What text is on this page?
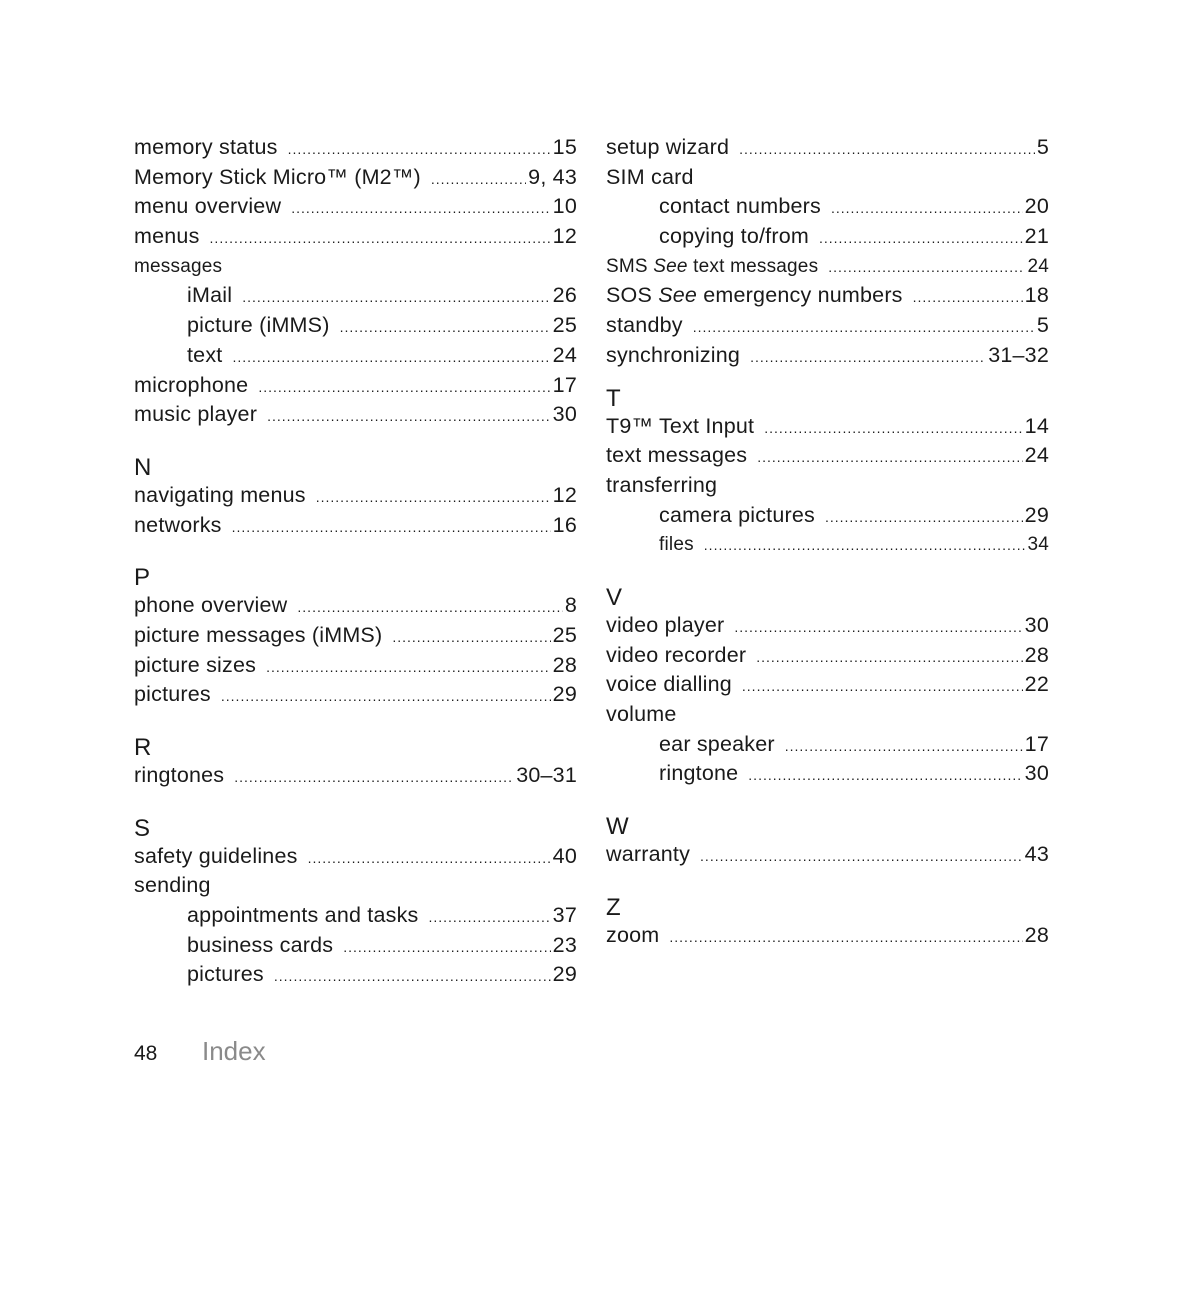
memory status .....	15
Memory Stick Micro™ (M2™) .....	9, 43
menu overview .....	10
menus .....	12
messages
iMail .....	26
picture (iMMS) .....	25
text .....	24
microphone .....	17
music player .....	30
N
navigating menus .....	12
networks .....	16
P
phone overview .....	8
picture messages (iMMS) .....	25
picture sizes .....	28
pictures .....	29
R
ringtones .....	30–31
S
safety guidelines .....	40
sending
appointments and tasks .....	37
business cards .....	23
pictures .....	29
setup wizard .....	5
SIM card
contact numbers .....	20
copying to/from .....	21
SMS See text messages .....	24
SOS See emergency numbers .....	18
standby .....	5
synchronizing .....	31–32
T
T9™ Text Input .....	14
text messages .....	24
transferring
camera pictures .....	29
files .....	34
V
video player .....	30
video recorder .....	28
voice dialling .....	22
volume
ear speaker .....	17
ringtone .....	30
W
warranty .....	43
Z
zoom .....	28
48	Index
